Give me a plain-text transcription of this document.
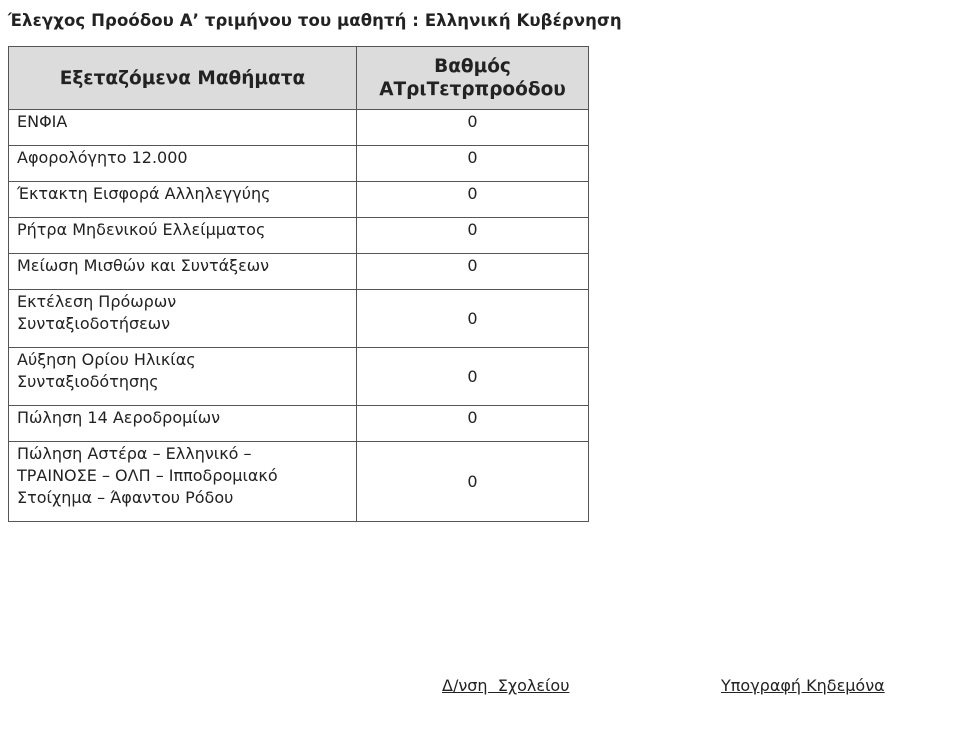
Έλεγχος Προόδου Α’ τριμήνου του μαθητή : Ελληνική Κυβέρνηση
Εξεταζόμενα Μαθήματα	Βαθμός
ΑΤριΤετρπροόδου
ΕΝΦΙΑ	0
Αφορολόγητο 12.000	0
Έκτακτη Εισφορά Αλληλεγγύης	0
Ρήτρα Μηδενικού Ελλείμματος	0
Μείωση Μισθών και Συντάξεων	0
Εκτέλεση Πρόωρων
Συνταξιοδοτήσεων	0
Αύξηση Ορίου Ηλικίας
Συνταξιοδότησης	0
Πώληση 14 Αεροδρομίων	0
Πώληση Αστέρα – Ελληνικό –
ΤΡΑΙΝΟΣΕ – ΟΛΠ – Ιπποδρομιακό
Στοίχημα – Άφαντου Ρόδου	0
Δ/νση  Σχολείου	Υπογραφή Κηδεμόνα
